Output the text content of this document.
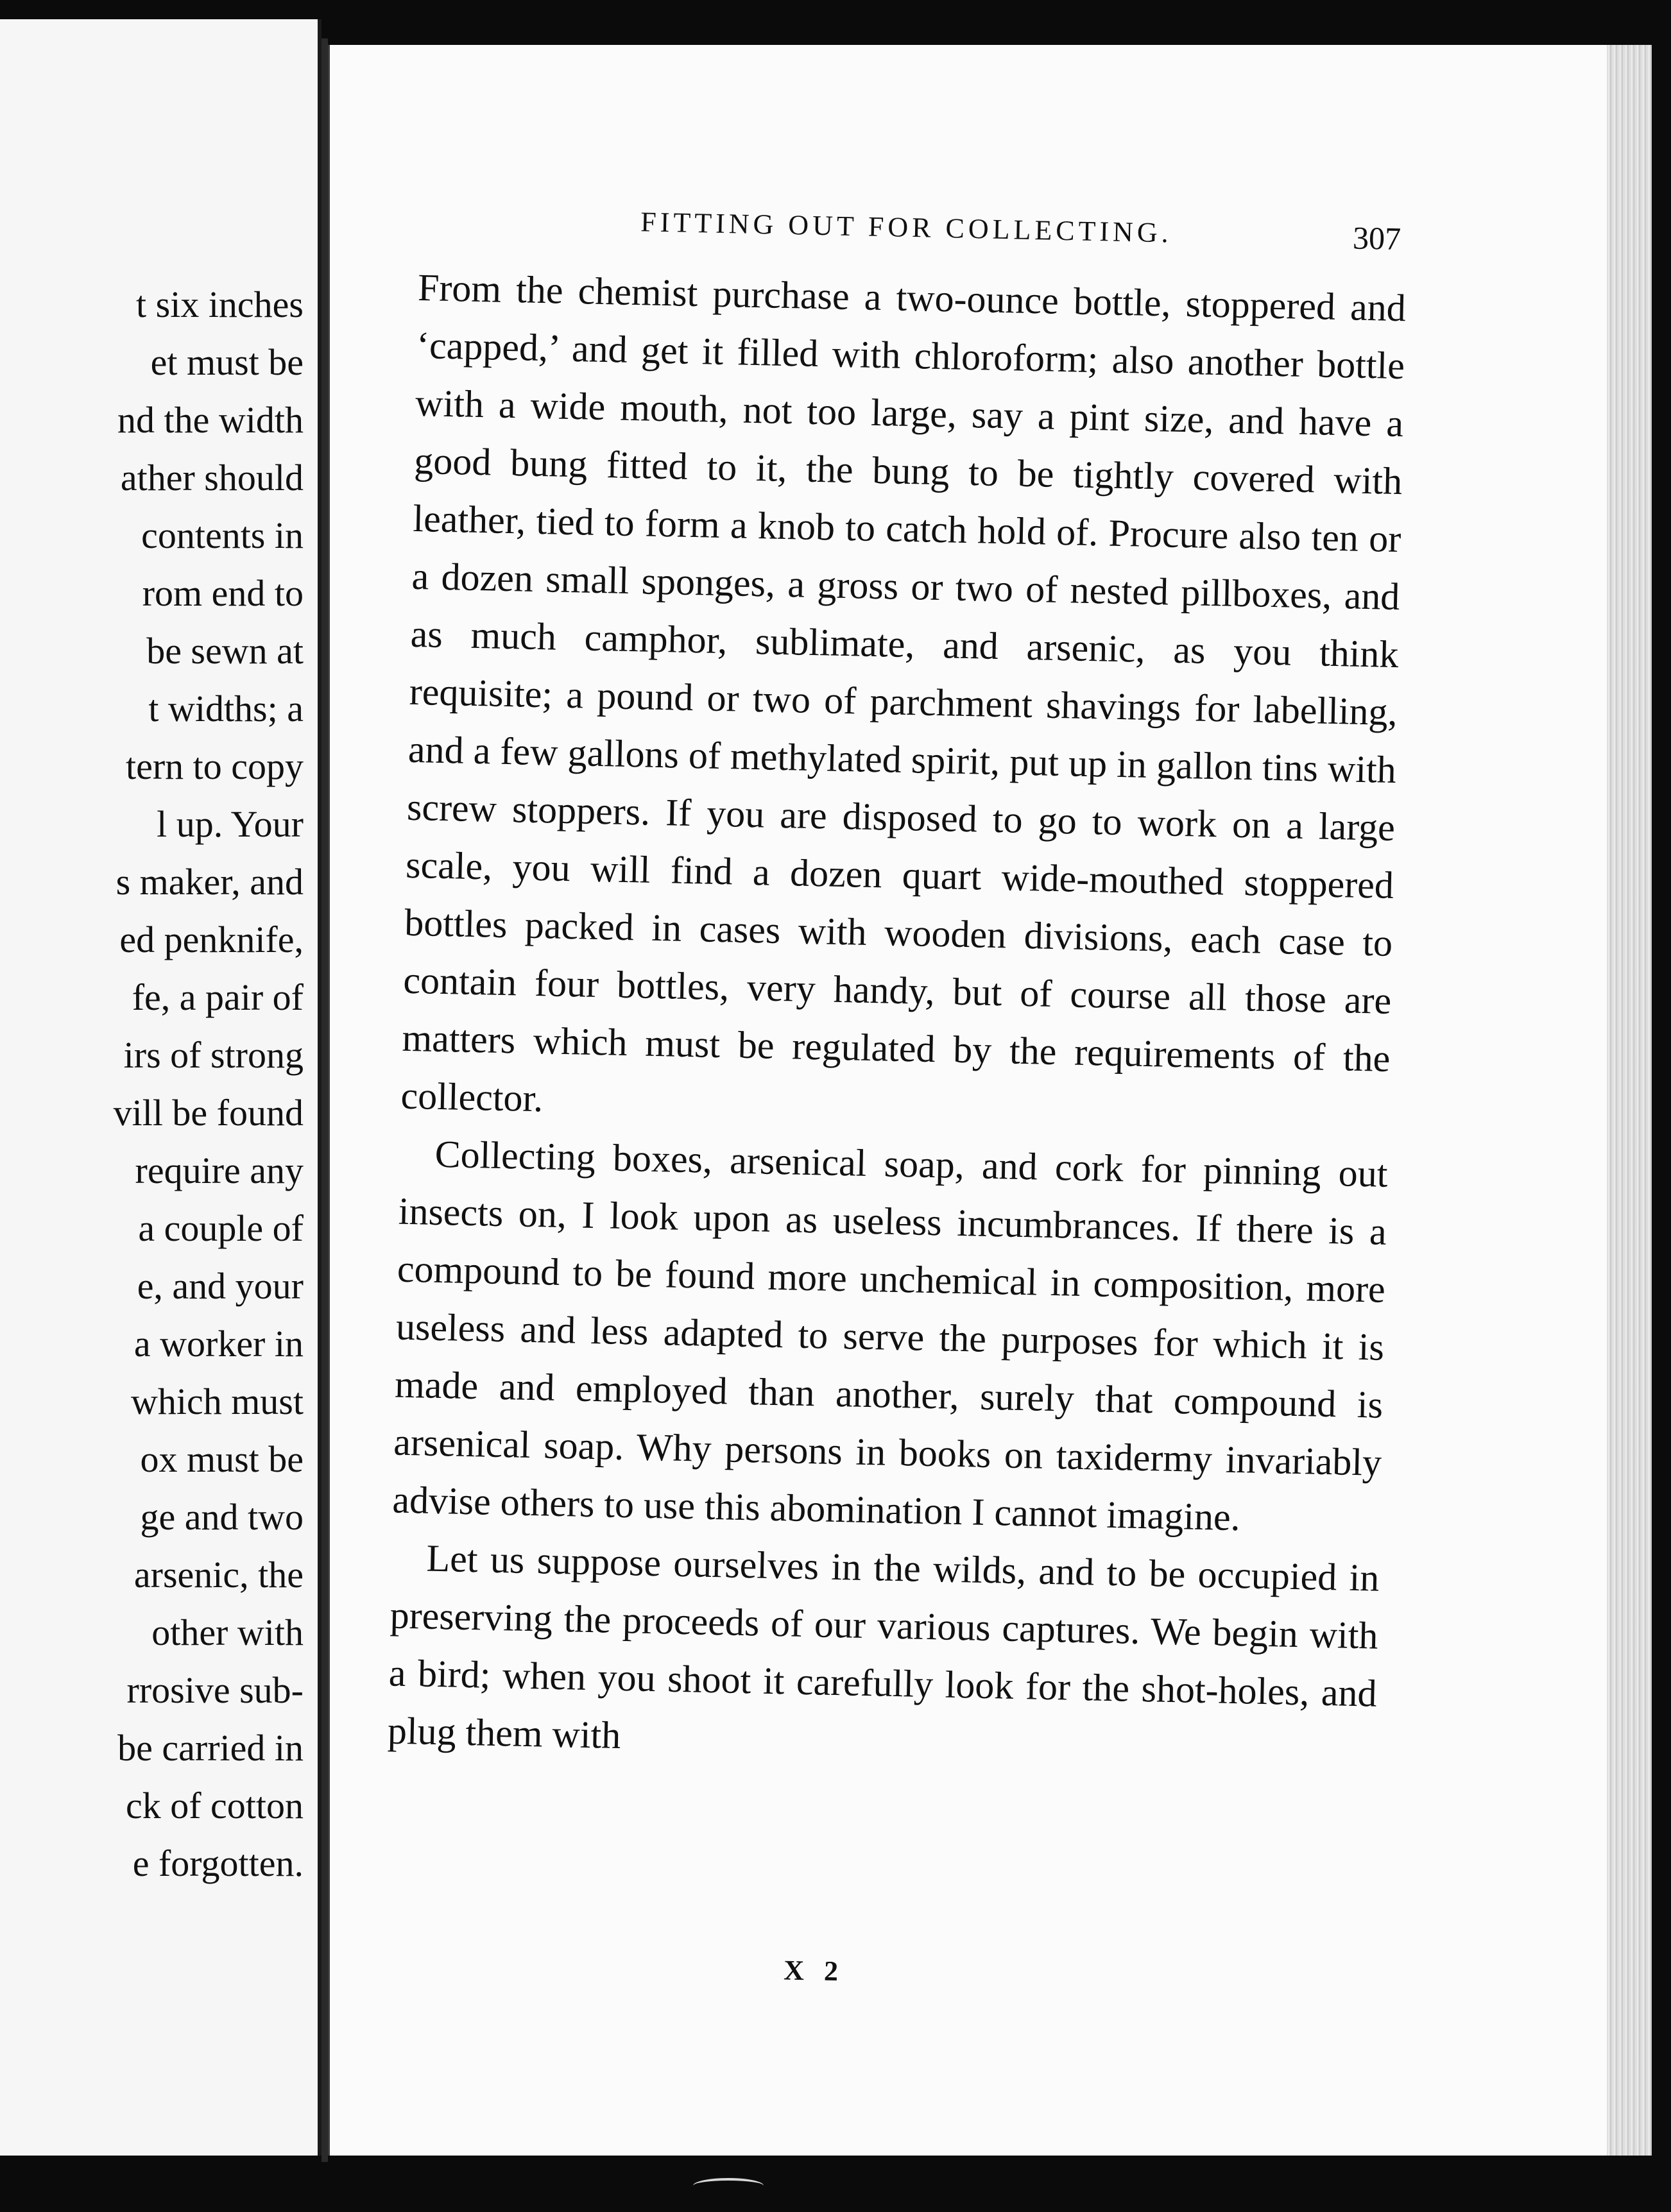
t six inches
et must be
nd the width
ather should
contents in
rom end to
be sewn at
t widths; a
tern to copy
l up. Your
s maker, and
ed penknife,
fe, a pair of
irs of strong
vill be found
require any
a couple of
e, and your
a worker in
which must
ox must be
ge and two
arsenic, the
other with
rrosive sub-
be carried in
ck of cotton
e forgotten.
FITTING OUT FOR COLLECTING.	307

From the chemist purchase a two-ounce bottle, stoppered and ‘capped,’ and get it filled with chloroform; also another bottle with a wide mouth, not too large, say a pint size, and have a good bung fitted to it, the bung to be tightly covered with leather, tied to form a knob to catch hold of. Procure also ten or a dozen small sponges, a gross or two of nested pillboxes, and as much camphor, sublimate, and arsenic, as you think requisite; a pound or two of parchment shavings for labelling, and a few gallons of methylated spirit, put up in gallon tins with screw stoppers. If you are disposed to go to work on a large scale, you will find a dozen quart wide-mouthed stoppered bottles packed in cases with wooden divisions, each case to contain four bottles, very handy, but of course all those are matters which must be regulated by the requirements of the collector.

Collecting boxes, arsenical soap, and cork for pinning out insects on, I look upon as useless incumbrances. If there is a compound to be found more unchemical in composition, more useless and less adapted to serve the purposes for which it is made and employed than another, surely that compound is arsenical soap. Why persons in books on taxidermy invariably advise others to use this abomination I cannot imagine.

Let us suppose ourselves in the wilds, and to be occupied in preserving the proceeds of our various captures. We begin with a bird; when you shoot it carefully look for the shot-holes, and plug them with

X 2
